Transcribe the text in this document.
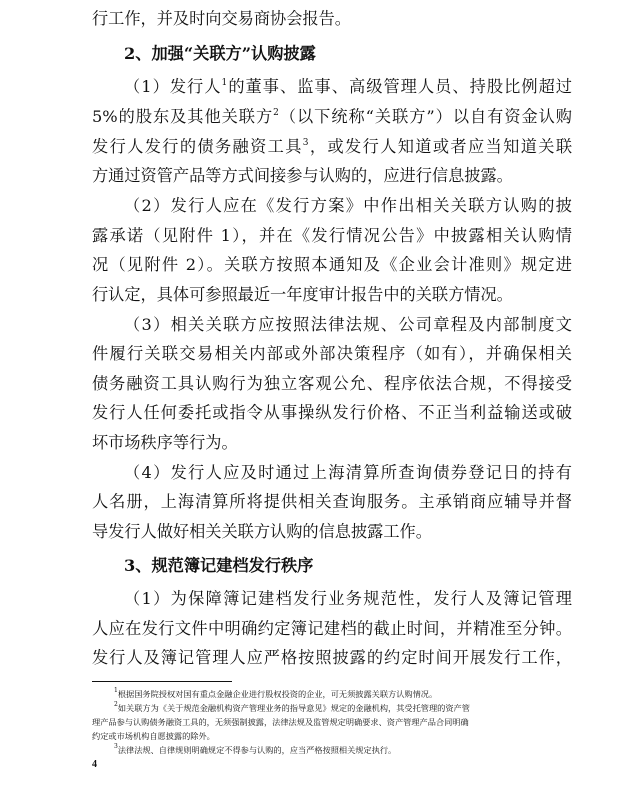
行工作，并及时向交易商协会报告。
2、加强“关联方”认购披露
（1）发行人$^1$的董事、监事、高级管理人员、持股比例超过
5%的股东及其他关联方$^2$（以下统称“关联方”）以自有资金认购
发行人发行的债务融资工具$^3$，或发行人知道或者应当知道关联
方通过资管产品等方式间接参与认购的，应进行信息披露。
（2）发行人应在《发行方案》中作出相关关联方认购的披
露承诺（见附件 1），并在《发行情况公告》中披露相关认购情
况（见附件 2）。关联方按照本通知及《企业会计准则》规定进
行认定，具体可参照最近一年度审计报告中的关联方情况。
（3）相关关联方应按照法律法规、公司章程及内部制度文
件履行关联交易相关内部或外部决策程序（如有），并确保相关
债务融资工具认购行为独立客观公允、程序依法合规，不得接受
发行人任何委托或指令从事操纵发行价格、不正当利益输送或破
坏市场秩序等行为。
（4）发行人应及时通过上海清算所查询债券登记日的持有
人名册，上海清算所将提供相关查询服务。主承销商应辅导并督
导发行人做好相关关联方认购的信息披露工作。
3、规范簿记建档发行秩序
（1）为保障簿记建档发行业务规范性，发行人及簿记管理
人应在发行文件中明确约定簿记建档的截止时间，并精准至分钟。
发行人及簿记管理人应严格按照披露的约定时间开展发行工作，
$^1$根据国务院授权对国有重点金融企业进行股权投资的企业，可无须披露关联方认购情况。
$^2$如关联方为《关于规范金融机构资产管理业务的指导意见》规定的金融机构，其受托管理的资产管
理产品参与认购债务融资工具的，无须强制披露，法律法规及监管规定明确要求、资产管理产品合同明确
约定或市场机构自愿披露的除外。
$^3$法律法规、自律规则明确规定不得参与认购的，应当严格按照相关规定执行。
4
